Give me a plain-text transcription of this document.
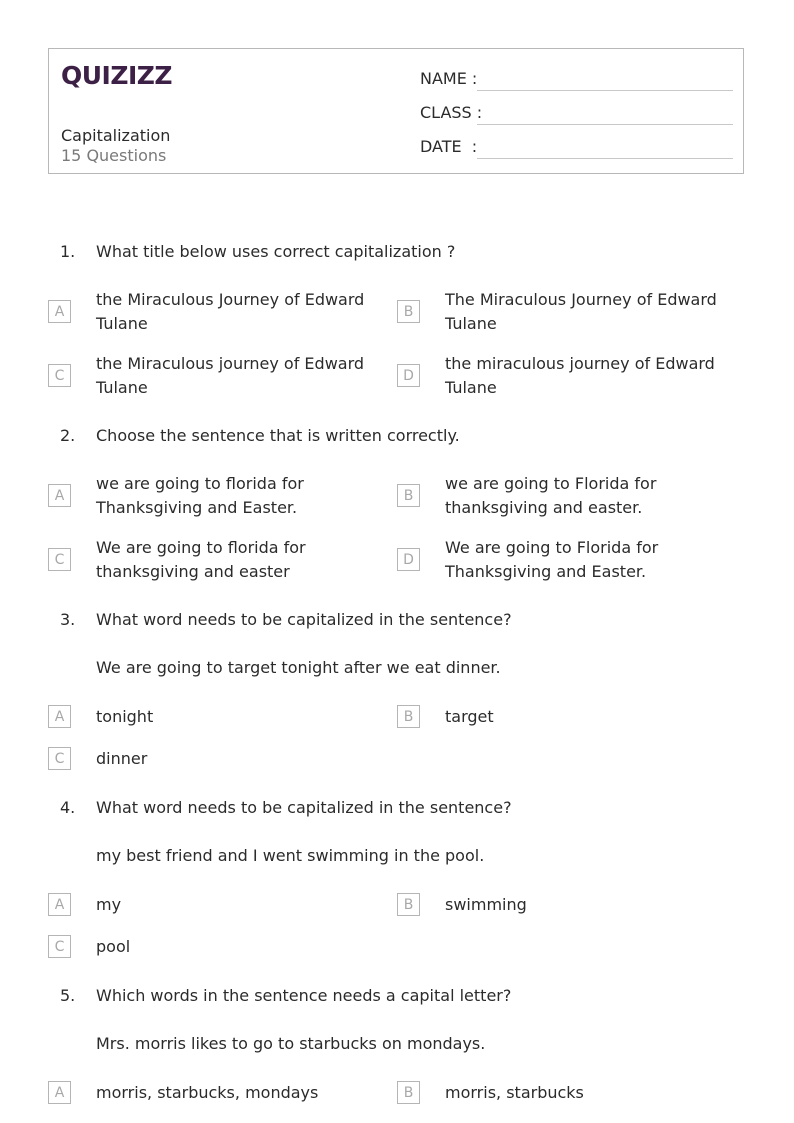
QUIZIZZ
Capitalization
15 Questions
NAME :
CLASS :
DATE  :
1. What title below uses correct capitalization ?
A
the Miraculous Journey of Edward Tulane
B
The Miraculous Journey of Edward Tulane
C
the Miraculous journey of Edward Tulane
D
the miraculous journey of Edward Tulane
2. Choose the sentence that is written correctly.
A
we are going to florida for Thanksgiving and Easter.
B
we are going to Florida for thanksgiving and easter.
C
We are going to florida for thanksgiving and easter
D
We are going to Florida for Thanksgiving and Easter.
3. What word needs to be capitalized in the sentence?
We are going to target tonight after we eat dinner.
A	tonight	B	target
C	dinner
4. What word needs to be capitalized in the sentence?
my best friend and I went swimming in the pool.
A	my	B	swimming
C	pool
5. Which words in the sentence needs a capital letter?
Mrs. morris likes to go to starbucks on mondays.
A	morris, starbucks, mondays	B	morris, starbucks
